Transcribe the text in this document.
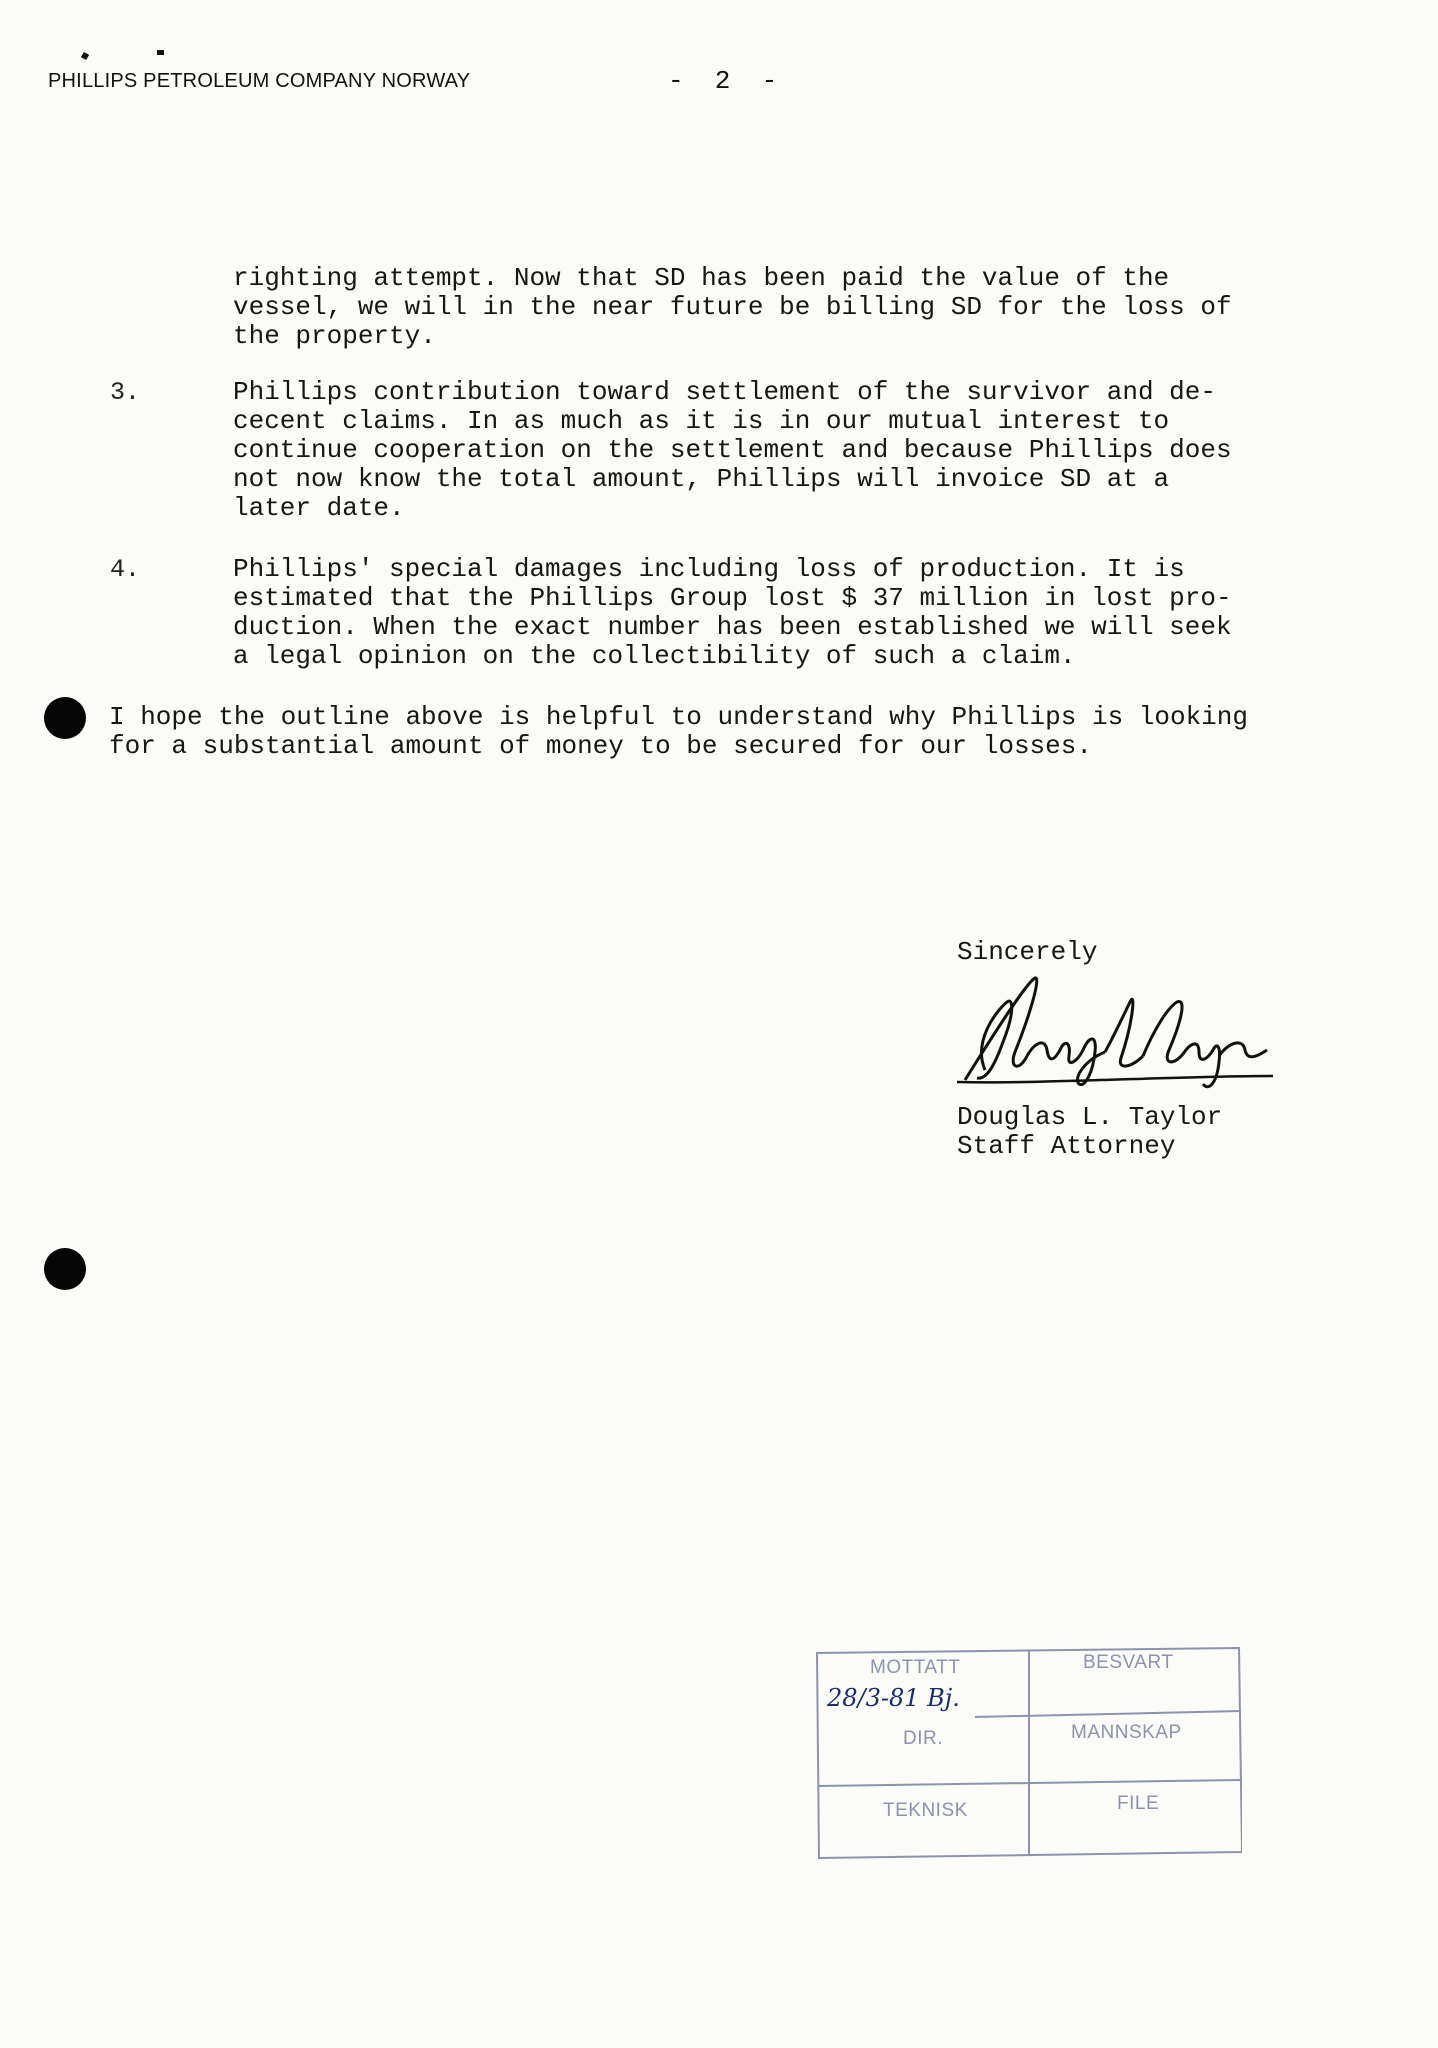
PHILLIPS PETROLEUM COMPANY NORWAY	-  2  -
righting attempt. Now that SD has been paid the value of the
vessel, we will in the near future be billing SD for the loss of
the property.
3.	Phillips contribution toward settlement of the survivor and de-
cecent claims. In as much as it is in our mutual interest to
continue cooperation on the settlement and because Phillips does
not now know the total amount, Phillips will invoice SD at a
later date.
4.	Phillips' special damages including loss of production. It is
estimated that the Phillips Group lost $ 37 million in lost pro-
duction. When the exact number has been established we will seek
a legal opinion on the collectibility of such a claim.
I hope the outline above is helpful to understand why Phillips is looking
for a substantial amount of money to be secured for our losses.
Sincerely
Douglas L. Taylor
Staff Attorney
MOTTATT	BESVART
DIR.	MANNSKAP
TEKNISK	FILE
28/3-81 Bj.
